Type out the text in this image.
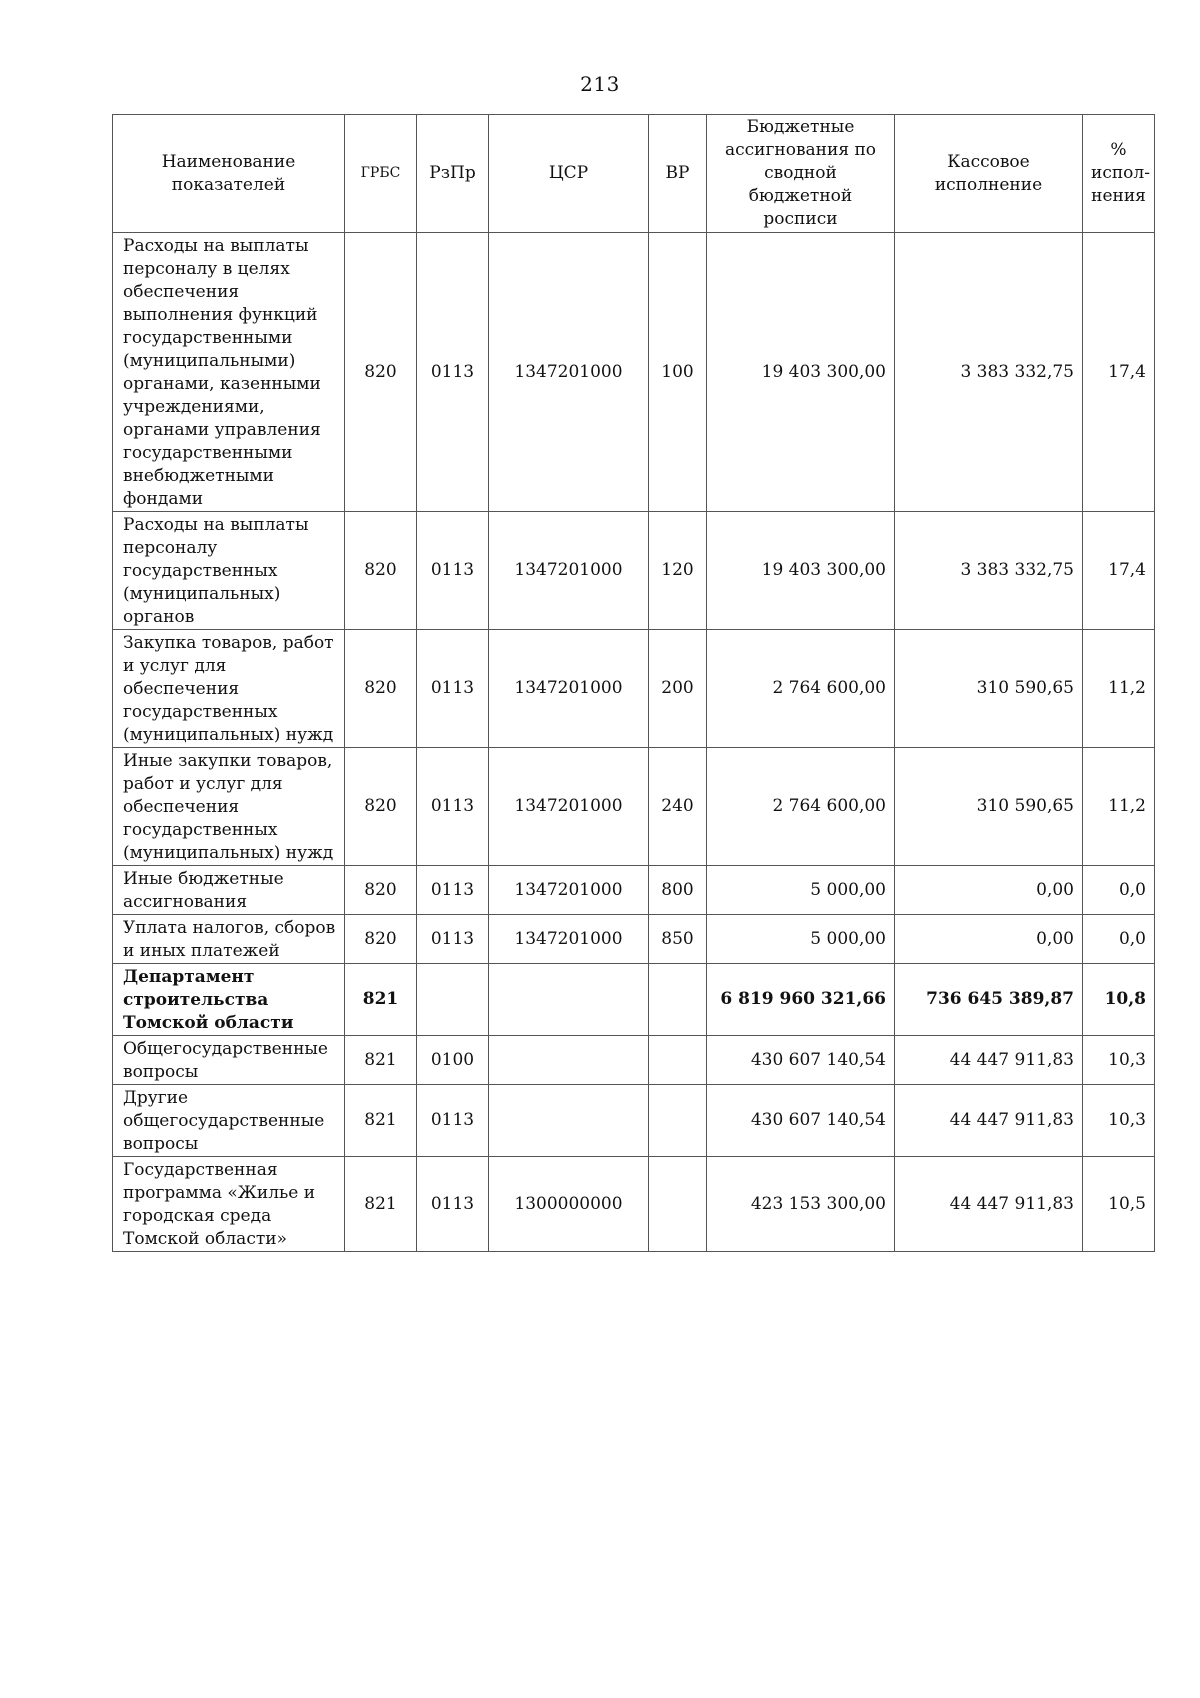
213
Наименование показателей	ГРБС	РзПр	ЦСР	ВР	Бюджетные ассигнования по сводной бюджетной росписи	Кассовое исполнение	% испол-нения
Расходы на выплаты персоналу в целях обеспечения выполнения функций государственными (муниципальными) органами, казенными учреждениями, органами управления государственными внебюджетными фондами	820	0113	1347201000	100	19 403 300,00	3 383 332,75	17,4
Расходы на выплаты персоналу государственных (муниципальных) органов	820	0113	1347201000	120	19 403 300,00	3 383 332,75	17,4
Закупка товаров, работ и услуг для обеспечения государственных (муниципальных) нужд	820	0113	1347201000	200	2 764 600,00	310 590,65	11,2
Иные закупки товаров, работ и услуг для обеспечения государственных (муниципальных) нужд	820	0113	1347201000	240	2 764 600,00	310 590,65	11,2
Иные бюджетные ассигнования	820	0113	1347201000	800	5 000,00	0,00	0,0
Уплата налогов, сборов и иных платежей	820	0113	1347201000	850	5 000,00	0,00	0,0
Департамент строительства Томской области	821				6 819 960 321,66	736 645 389,87	10,8
Общегосударственные вопросы	821	0100			430 607 140,54	44 447 911,83	10,3
Другие общегосударственные вопросы	821	0113			430 607 140,54	44 447 911,83	10,3
Государственная программа «Жилье и городская среда Томской области»	821	0113	1300000000		423 153 300,00	44 447 911,83	10,5
